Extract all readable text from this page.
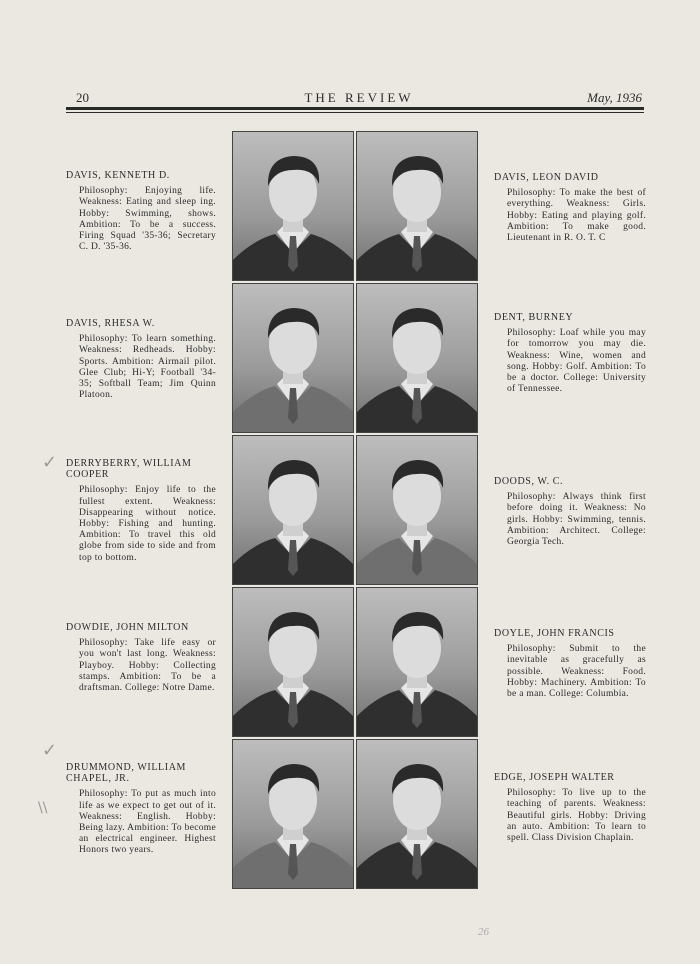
20	THE REVIEW	May, 1936
DAVIS, KENNETH D.
Philosophy: Enjoying life. Weakness: Eating and sleep ing. Hobby: Swimming, shows. Ambition: To be a success. Firing Squad '35-36; Secretary C. D. '35-36.
DAVIS, RHESA W.
Philosophy: To learn something. Weakness: Redheads. Hobby: Sports. Ambition: Airmail pilot. Glee Club; Hi-Y; Football '34-35; Softball Team; Jim Quinn Platoon.
DERRYBERRY, WILLIAM COOPER
Philosophy: Enjoy life to the fullest extent. Weakness: Disappearing without notice. Hobby: Fishing and hunting. Ambition: To travel this old globe from side to side and from top to bottom.
DOWDIE, JOHN MILTON
Philosophy: Take life easy or you won't last long. Weakness: Playboy. Hobby: Collecting stamps. Ambition: To be a draftsman. College: Notre Dame.
DRUMMOND, WILLIAM CHAPEL, JR.
Philosophy: To put as much into life as we expect to get out of it. Weakness: English. Hobby: Being lazy. Ambition: To become an electrical engineer. Highest Honors two years.
DAVIS, LEON DAVID
Philosophy: To make the best of everything. Weakness: Girls. Hobby: Eating and playing golf. Ambition: To make good. Lieutenant in R. O. T. C
DENT, BURNEY
Philosophy: Loaf while you may for tomorrow you may die. Weakness: Wine, women and song. Hobby: Golf. Ambition: To be a doctor. College: University of Tennessee.
DOODS, W. C.
Philosophy: Always think first before doing it. Weakness: No girls. Hobby: Swimming, tennis. Ambition: Architect. College: Georgia Tech.
DOYLE, JOHN FRANCIS
Philosophy: Submit to the inevitable as gracefully as possible. Weakness: Food. Hobby: Machinery. Ambition: To be a man. College: Columbia.
EDGE, JOSEPH WALTER
Philosophy: To live up to the teaching of parents. Weakness: Beautiful girls. Hobby: Driving an auto. Ambition: To learn to spell. Class Division Chaplain.
✓
✓
\\
26
